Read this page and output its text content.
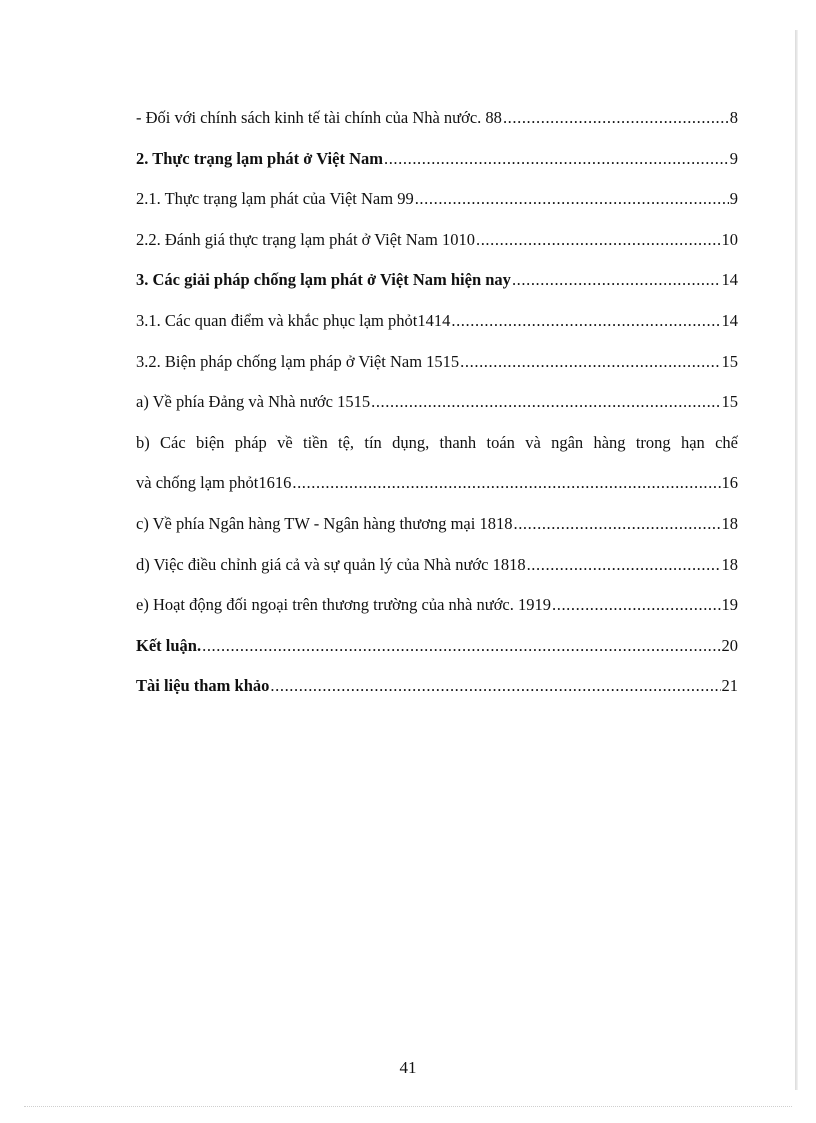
- Đối với chính sách kinh tế tài chính của Nhà nước. 88 .....	8
2. Thực trạng lạm phát ở Việt Nam .....	9
2.1. Thực trạng lạm phát của Việt Nam 99 .....	9
2.2. Đánh giá thực trạng lạm phát ở Việt Nam 1010 .....	10
3. Các giải pháp chống lạm phát ở Việt Nam hiện nay .....	14
3.1. Các quan điểm và khắc phục lạm phỏt1414 .....	14
3.2. Biện pháp chống lạm pháp ở Việt Nam 1515 .....	15
a) Về phía Đảng và Nhà nước 1515 .....	15
b) Các biện pháp về tiền tệ, tín dụng, thanh toán và ngân hàng trong hạn chế
và chống lạm phỏt1616 .....	16
c) Về phía Ngân hàng TW - Ngân hàng thương mại 1818 .....	18
d) Việc điều chỉnh giá cả và sự quản lý của Nhà nước 1818 .....	18
e) Hoạt động đối ngoại trên thương trường của nhà nước. 1919 .....	19
Kết luận. .....	20
Tài liệu tham khảo .....	21
41
